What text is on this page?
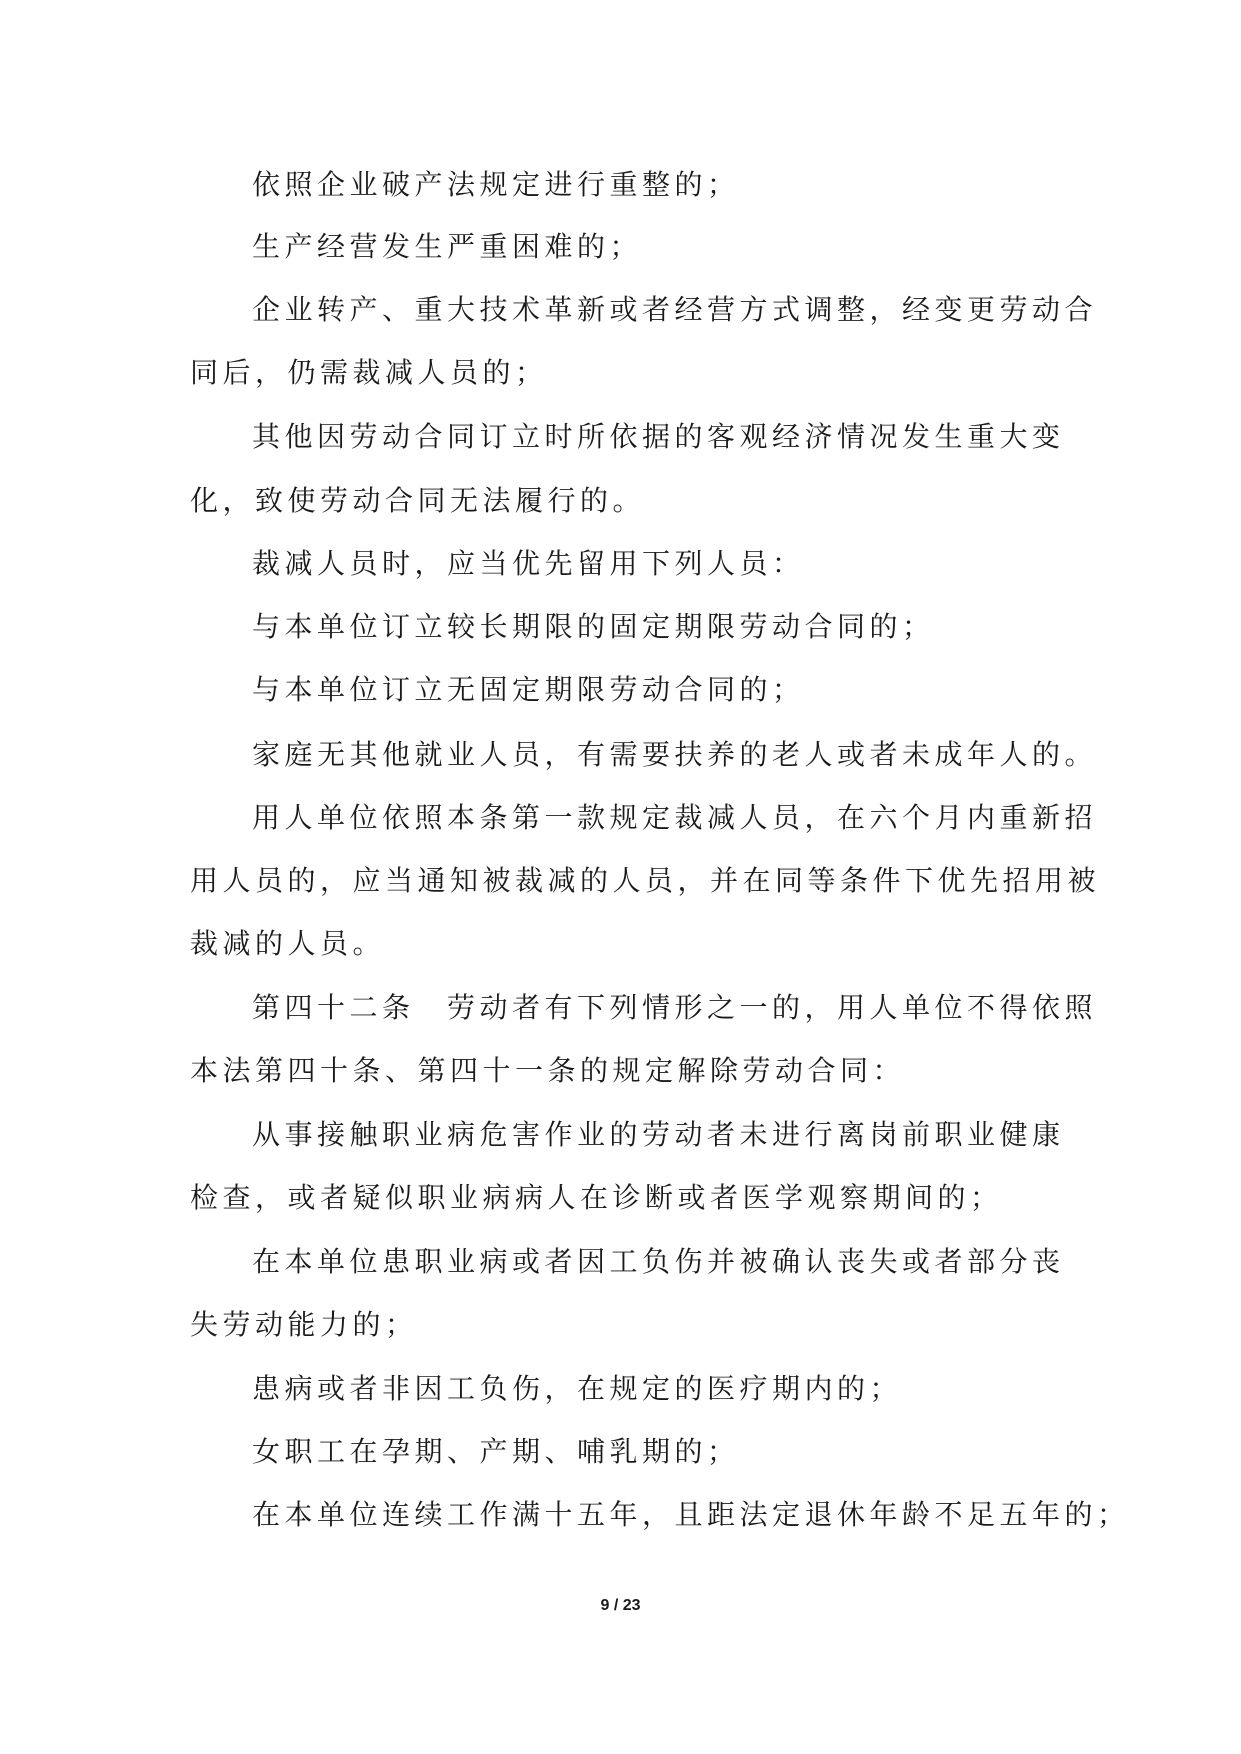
依照企业破产法规定进行重整的；

生产经营发生严重困难的；

企业转产、重大技术革新或者经营方式调整，经变更劳动合

同后，仍需裁减人员的；

其他因劳动合同订立时所依据的客观经济情况发生重大变

化，致使劳动合同无法履行的。

裁减人员时，应当优先留用下列人员：

与本单位订立较长期限的固定期限劳动合同的；

与本单位订立无固定期限劳动合同的；

家庭无其他就业人员，有需要扶养的老人或者未成年人的。

用人单位依照本条第一款规定裁减人员，在六个月内重新招

用人员的，应当通知被裁减的人员，并在同等条件下优先招用被

裁减的人员。

第四十二条　劳动者有下列情形之一的，用人单位不得依照

本法第四十条、第四十一条的规定解除劳动合同：

从事接触职业病危害作业的劳动者未进行离岗前职业健康

检查，或者疑似职业病病人在诊断或者医学观察期间的；

在本单位患职业病或者因工负伤并被确认丧失或者部分丧

失劳动能力的；

患病或者非因工负伤，在规定的医疗期内的；

女职工在孕期、产期、哺乳期的；

在本单位连续工作满十五年，且距法定退休年龄不足五年的；

9 / 23
